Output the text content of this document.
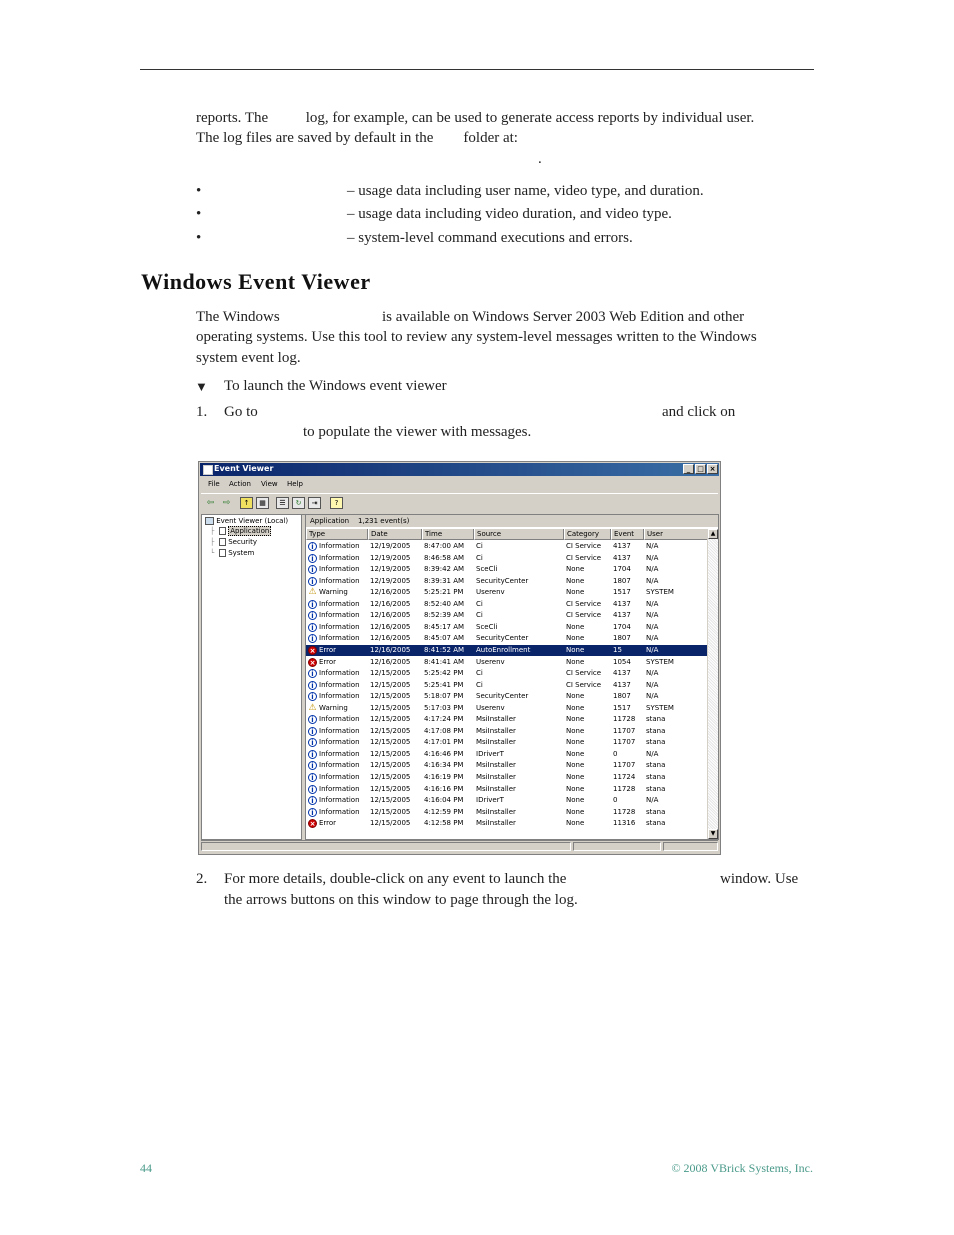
reports. The          log, for example, can be used to generate access reports by individual user.
The log files are saved by default in the        folder at:
.
•	– usage data including user name, video type, and duration.
•	– usage data including video duration, and video type.
•	– system-level command executions and errors.
Windows Event Viewer
The Windows	is available on Windows Server 2003 Web Edition and other
operating systems. Use this tool to review any system-level messages written to the Windows
system event log.
▼ To launch the Windows event viewer
1. Go to	and click on
to populate the viewer with messages.
Event Viewer	_ □ ×
File Action View Help
⇦ ⇨	↑	▦	☰	↻	⇥	?
Event Viewer (Local)
├
├
└
Application
Security
System
Application    1,231 event(s)
Type	Date	Time	Source	Category	Event	User
i Information 12/19/2005 8:47:00 AM Ci	CI Service 4137 N/A
i Information 12/19/2005 8:46:58 AM Ci	CI Service 4137 N/A
i Information 12/19/2005 8:39:42 AM SceCli	None	1704 N/A
i Information 12/19/2005 8:39:31 AM SecurityCenter	None	1807 N/A
⚠ Warning	12/16/2005 5:25:21 PM Userenv	None	1517 SYSTEM
i Information 12/16/2005 8:52:40 AM Ci	CI Service 4137 N/A
i Information 12/16/2005 8:52:39 AM Ci	CI Service 4137 N/A
i Information 12/16/2005 8:45:17 AM SceCli	None	1704 N/A
i Information 12/16/2005 8:45:07 AM SecurityCenter	None	1807 N/A
× Error	12/16/2005 8:41:52 AM AutoEnrollment	None	15	N/A
× Error	12/16/2005 8:41:41 AM Userenv	None	1054 SYSTEM
i Information 12/15/2005 5:25:42 PM Ci	CI Service 4137 N/A
i Information 12/15/2005 5:25:41 PM Ci	CI Service 4137 N/A
i Information 12/15/2005 5:18:07 PM SecurityCenter	None	1807 N/A
⚠ Warning	12/15/2005 5:17:03 PM Userenv	None	1517 SYSTEM
i Information 12/15/2005 4:17:24 PM MsiInstaller	None	11728 stana
i Information 12/15/2005 4:17:08 PM MsiInstaller	None	11707 stana
i Information 12/15/2005 4:17:01 PM MsiInstaller	None	11707 stana
i Information 12/15/2005 4:16:46 PM IDriverT	None	0	N/A
i Information 12/15/2005 4:16:34 PM MsiInstaller	None	11707 stana
i Information 12/15/2005 4:16:19 PM MsiInstaller	None	11724 stana
i Information 12/15/2005 4:16:16 PM MsiInstaller	None	11728 stana
i Information 12/15/2005 4:16:04 PM IDriverT	None	0	N/A
i Information 12/15/2005 4:12:59 PM MsiInstaller	None	11728 stana
× Error	12/15/2005 4:12:58 PM MsiInstaller	None	11316 stana
▲
▼
2. For more details, double-click on any event to launch the	window. Use
the arrows buttons on this window to page through the log.
44	© 2008 VBrick Systems, Inc.
